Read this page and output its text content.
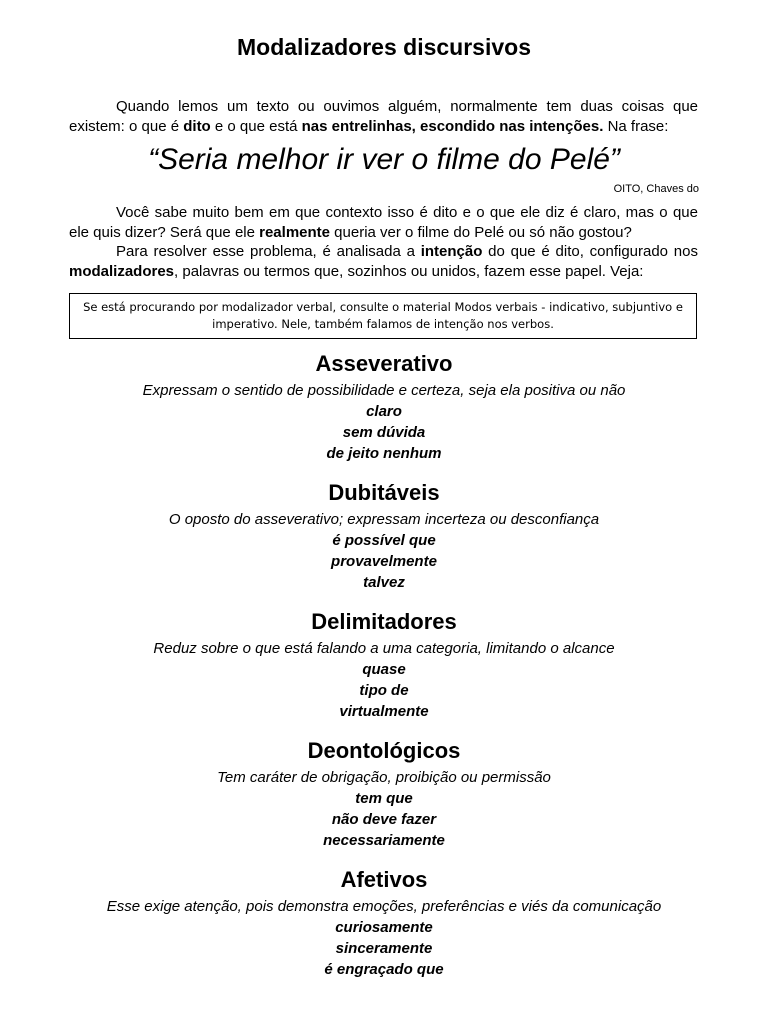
Modalizadores discursivos
Quando lemos um texto ou ouvimos alguém, normalmente tem duas coisas que existem: o que é dito e o que está nas entrelinhas, escondido nas intenções. Na frase:
“Seria melhor ir ver o filme do Pelé”
OITO, Chaves do
Você sabe muito bem em que contexto isso é dito e o que ele diz é claro, mas o que ele quis dizer? Será que ele realmente queria ver o filme do Pelé ou só não gostou?
Para resolver esse problema, é analisada a intenção do que é dito, configurado nos modalizadores, palavras ou termos que, sozinhos ou unidos, fazem esse papel. Veja:
Se está procurando por modalizador verbal, consulte o material Modos verbais - indicativo, subjuntivo e
imperativo. Nele, também falamos de intenção nos verbos.
Asseverativo
Expressam o sentido de possibilidade e certeza, seja ela positiva ou não
claro
sem dúvida
de jeito nenhum
Dubitáveis
O oposto do asseverativo; expressam incerteza ou desconfiança
é possível que
provavelmente
talvez
Delimitadores
Reduz sobre o que está falando a uma categoria, limitando o alcance
quase
tipo de
virtualmente
Deontológicos
Tem caráter de obrigação, proibição ou permissão
tem que
não deve fazer
necessariamente
Afetivos
Esse exige atenção, pois demonstra emoções, preferências e viés da comunicação
curiosamente
sinceramente
é engraçado que
